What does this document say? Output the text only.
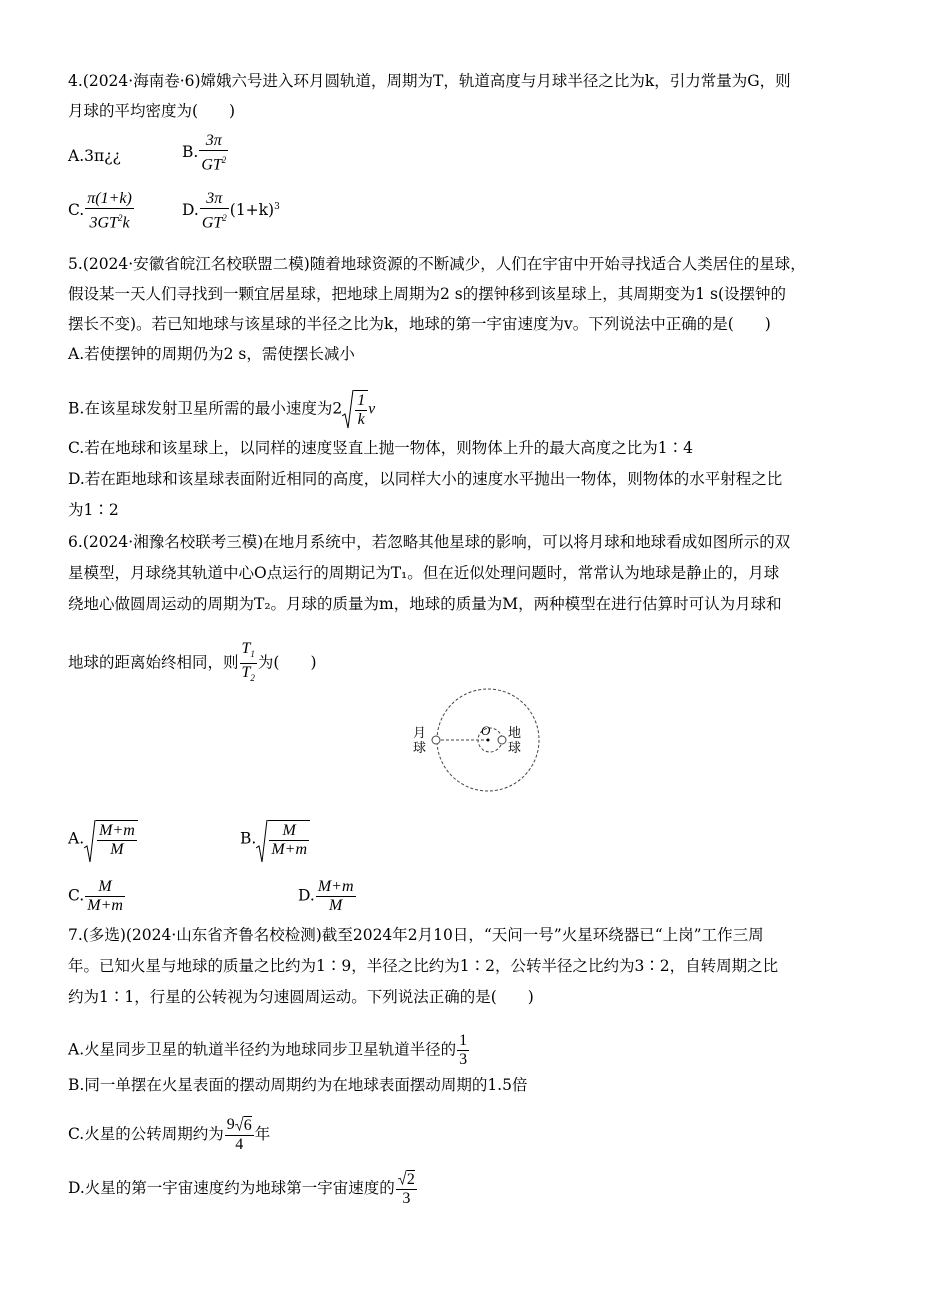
4.(2024·海南卷·6)嫦娥六号进入环月圆轨道，周期为T，轨道高度与月球半径之比为k，引力常量为G，则
月球的平均密度为(　　)
A.3π¿¿	B. $\frac{3\pi}{GT^2}$
C. $\frac{\pi(1+k)}{3GT^2k}$	D. $\frac{3\pi}{GT^2} (1+k)^3$
5.(2024·安徽省皖江名校联盟二模)随着地球资源的不断减少，人们在宇宙中开始寻找适合人类居住的星球，
假设某一天人们寻找到一颗宜居星球，把地球上周期为2 s的摆钟移到该星球上，其周期变为1 s(设摆钟的
摆长不变)。若已知地球与该星球的半径之比为k，地球的第一宇宙速度为v。下列说法中正确的是(　　)
A.若使摆钟的周期仍为2 s，需使摆长减小
B.在该星球发射卫星所需的最小速度为$2 \frac{1}{k}$ v
C.若在地球和该星球上，以同样的速度竖直上抛一物体，则物体上升的最大高度之比为1∶4
D.若在距地球和该星球表面附近相同的高度，以同样大小的速度水平抛出一物体，则物体的水平射程之比
为1∶2
6.(2024·湘豫名校联考三模)在地月系统中，若忽略其他星球的影响，可以将月球和地球看成如图所示的双
星模型，月球绕其轨道中心O点运行的周期记为T₁。但在近似处理问题时，常常认为地球是静止的，月球
绕地心做圆周运动的周期为T₂。月球的质量为m，地球的质量为M，两种模型在进行估算时可认为月球和
地球的距离始终相同，则 $\frac{T_1}{T_2}$ 为(　　)
月
球
地
球
O
A. $\frac{M+m}{M}$	B. $\frac{M}{M+m}$
C. $\frac{M}{M+m}$	D. $\frac{M+m}{M}$
7.(多选)(2024·山东省齐鲁名校检测)截至2024年2月10日，“天问一号”火星环绕器已“上岗”工作三周
年。已知火星与地球的质量之比约为1∶9，半径之比约为1∶2，公转半径之比约为3∶2，自转周期之比
约为1∶1，行星的公转视为匀速圆周运动。下列说法正确的是(　　)
A.火星同步卫星的轨道半径约为地球同步卫星轨道半径的 $\frac{1}{3}$
B.同一单摆在火星表面的摆动周期约为在地球表面摆动周期的1.5倍
C.火星的公转周期约为 $\frac{9 6}{4}$ 年
D.火星的第一宇宙速度约为地球第一宇宙速度的 $\frac{2}{3}$
